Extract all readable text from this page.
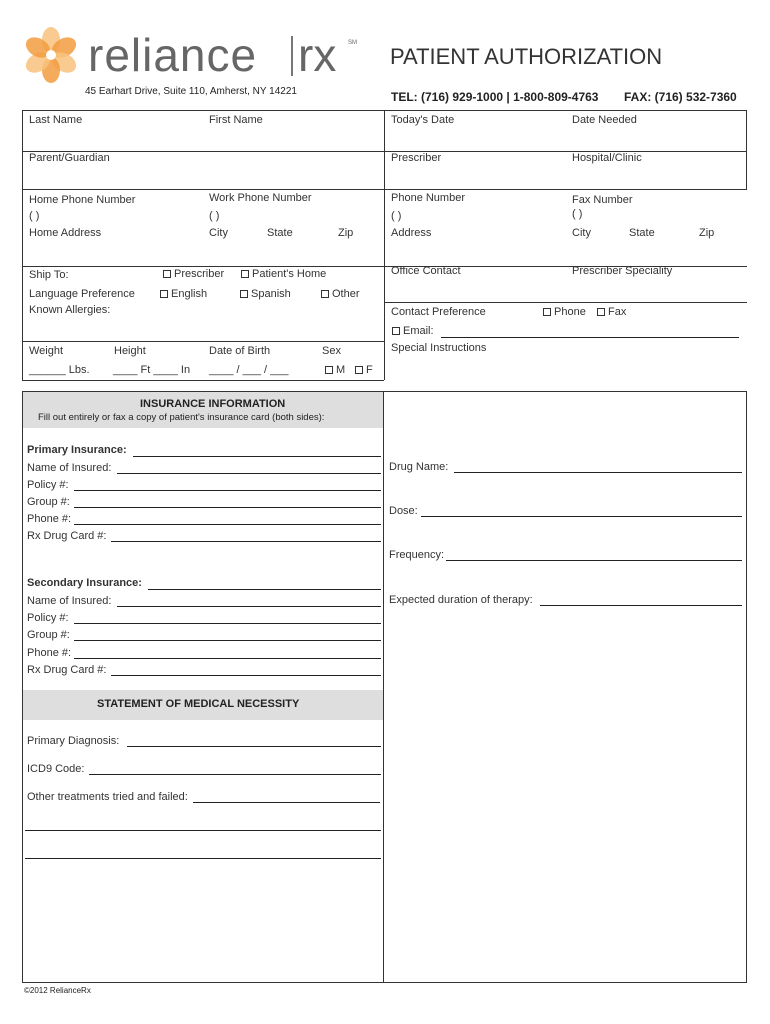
reliance rx SM
PATIENT AUTHORIZATION
45 Earhart Drive, Suite 110, Amherst, NY 14221	TEL: (716) 929-1000 | 1-800-809-4763 FAX: (716) 532-7360
Last Name	First Name
Parent/Guardian
Home Phone Number	Work Phone Number
( )	( )
Home Address	City	State	Zip
Ship To:	Prescriber	Patient's Home
Language Preference	English	Spanish	Other
Known Allergies:
Weight	Height	Date of Birth	Sex
______ Lbs. ____ Ft ____ In ____ / ___ / ___	M	F
Today's Date	Date Needed
Prescriber	Hospital/Clinic
Phone Number	Fax Number
( )	( )
Address	City	State	Zip
Office Contact	Prescriber Speciality
Contact Preference	Phone	Fax
Email:
Special Instructions
INSURANCE INFORMATION
Fill out entirely or fax a copy of patient's insurance card (both sides):
Primary Insurance:
Name of Insured:
Policy #:
Group #:
Phone #:
Rx Drug Card #:
Secondary Insurance:
Name of Insured:
Policy #:
Group #:
Phone #:
Rx Drug Card #:
STATEMENT OF MEDICAL NECESSITY
Primary Diagnosis:
ICD9 Code:
Other treatments tried and failed:
Drug Name:
Dose:
Frequency:
Expected duration of therapy:
©2012 RelianceRx
